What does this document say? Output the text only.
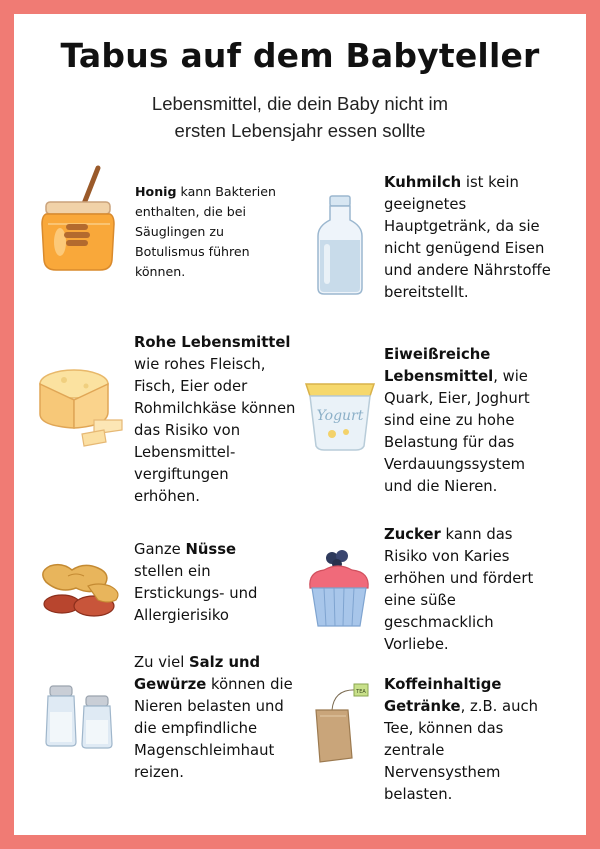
Tabus auf dem Babyteller
Lebensmittel, die dein Baby nicht im
ersten Lebensjahr essen sollte
Honig kann Bakterien enthalten, die bei Säuglingen zu Botulismus führen können.
Kuhmilch ist kein geeignetes Hauptgetränk, da sie nicht genügend Eisen und andere Nährstoffe bereitstellt.
Rohe Lebensmittel wie rohes Fleisch, Fisch, Eier oder Rohmilchkäse können das Risiko von Lebensmittel-vergiftungen erhöhen.
Yogurt
Eiweißreiche Lebensmittel, wie Quark, Eier, Joghurt sind eine zu hohe Belastung für das Verdauungssystem und die Nieren.
Ganze Nüsse stellen ein Erstickungs- und Allergierisiko
Zucker kann das Risiko von Karies erhöhen und fördert eine süße geschmacklich Vorliebe.
Zu viel Salz und Gewürze können die Nieren belasten und die empfindliche Magenschleimhaut reizen.
TEA Koffeinhaltige Getränke, z.B. auch Tee, können das zentrale Nervensysthem belasten.
